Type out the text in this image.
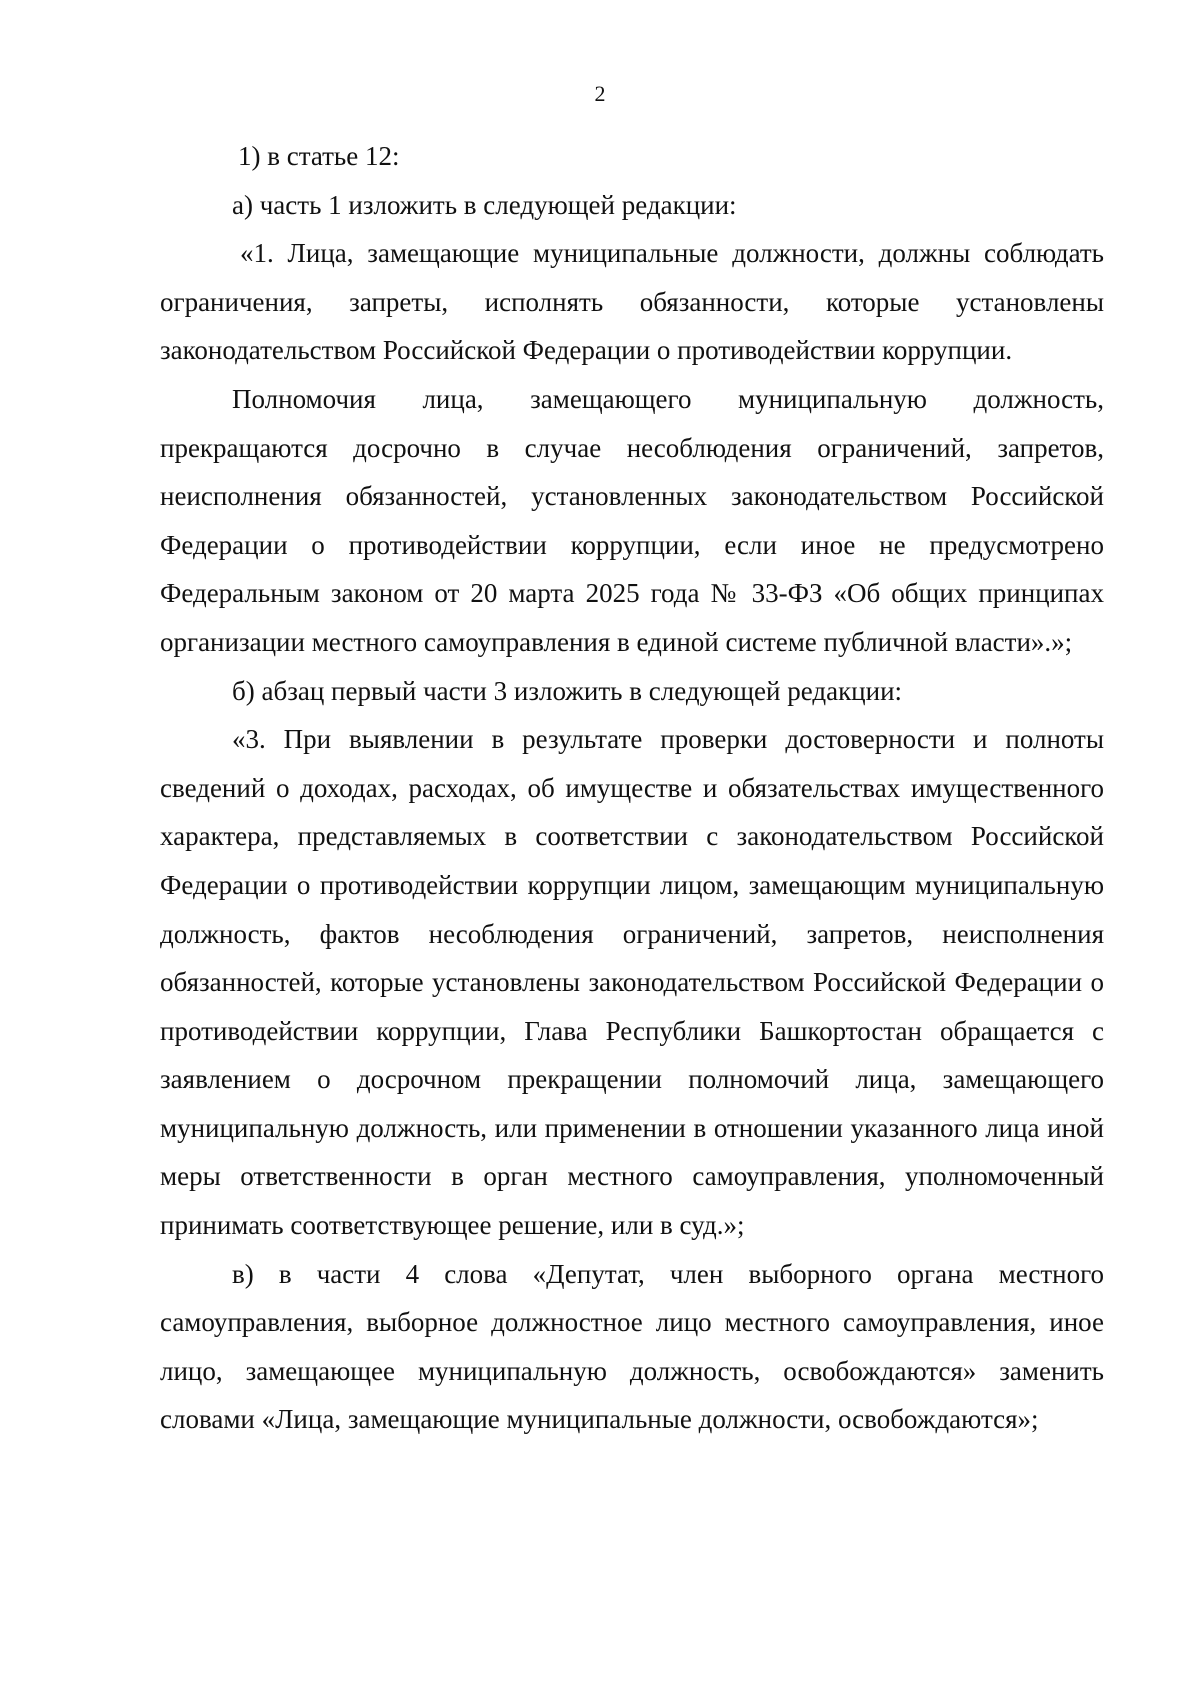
2

1) в статье 12:

а) часть 1 изложить в следующей редакции:

«1. Лица, замещающие муниципальные должности, должны соблюдать ограничения, запреты, исполнять обязанности, которые установлены законодательством Российской Федерации о противодействии коррупции.

Полномочия лица, замещающего муниципальную должность, прекращаются досрочно в случае несоблюдения ограничений, запретов, неисполнения обязанностей, установленных законодательством Российской Федерации о противодействии коррупции, если иное не предусмотрено Федеральным законом от 20 марта 2025 года № 33-ФЗ «Об общих принципах организации местного самоуправления в единой системе публичной власти».»;

б) абзац первый части 3 изложить в следующей редакции:

«3. При выявлении в результате проверки достоверности и полноты сведений о доходах, расходах, об имуществе и обязательствах имущественного характера, представляемых в соответствии с законодательством Российской Федерации о противодействии коррупции лицом, замещающим муниципальную должность, фактов несоблюдения ограничений, запретов, неисполнения обязанностей, которые установлены законодательством Российской Федерации о противодействии коррупции, Глава Республики Башкортостан обращается с заявлением о досрочном прекращении полномочий лица, замещающего муниципальную должность, или применении в отношении указанного лица иной меры ответственности в орган местного самоуправления, уполномоченный принимать соответствующее решение, или в суд.»;

в) в части 4 слова «Депутат, член выборного органа местного самоуправления, выборное должностное лицо местного самоуправления, иное лицо, замещающее муниципальную должность, освобождаются» заменить словами «Лица, замещающие муниципальные должности, освобождаются»;
